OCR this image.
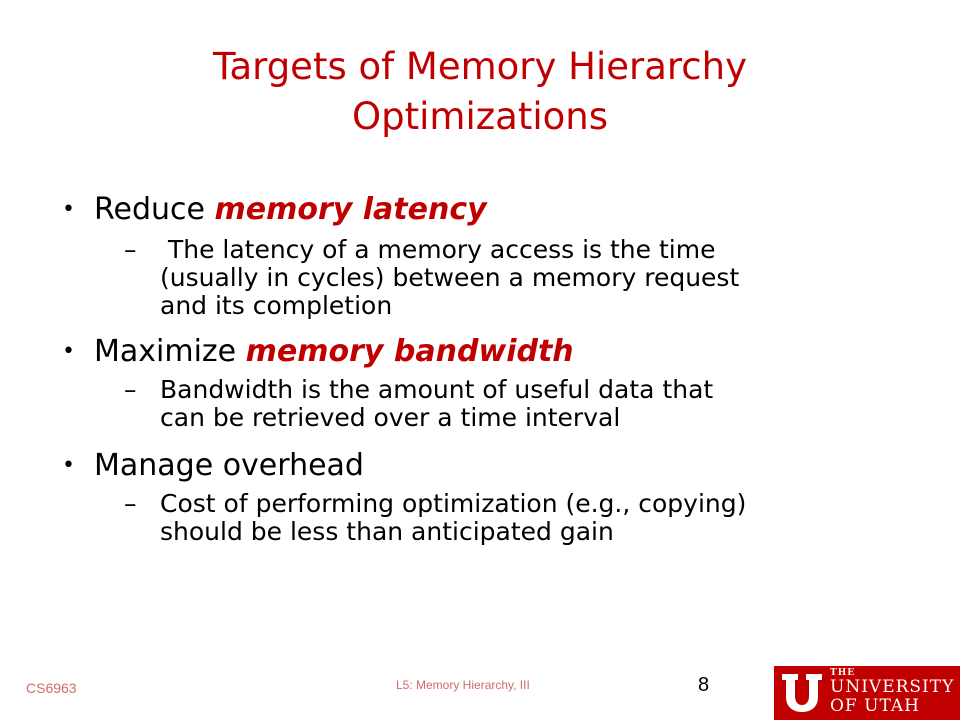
Targets of Memory Hierarchy
Optimizations
• Reduce memory latency
– The latency of a memory access is the time
(usually in cycles) between a memory request
and its completion
• Maximize memory bandwidth
– Bandwidth is the amount of useful data that
can be retrieved over a time interval
• Manage overhead
– Cost of performing optimization (e.g., copying)
should be less than anticipated gain
CS6963	L5: Memory Hierarchy, III	8
THE
UNIVERSITY
OF UTAH
